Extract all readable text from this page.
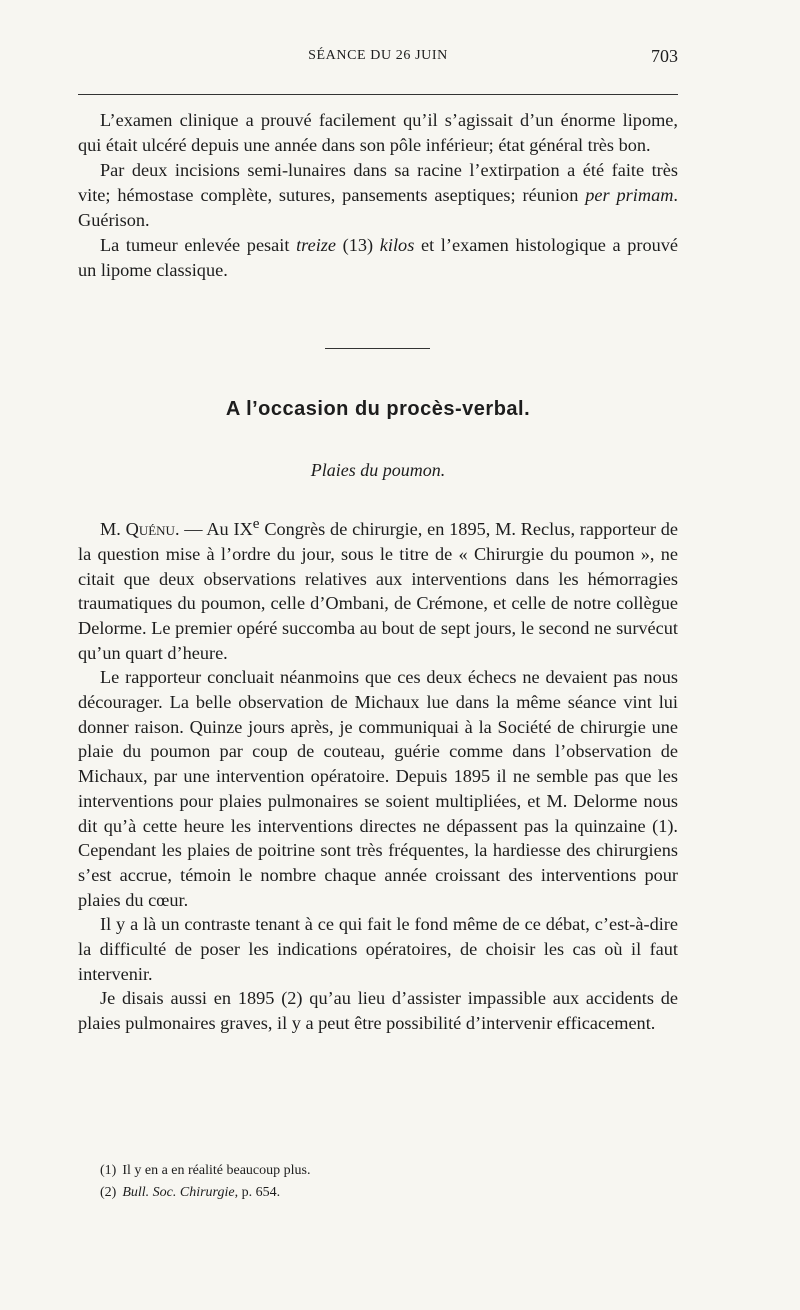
SÉANCE DU 26 JUIN	703

L’examen clinique a prouvé facilement qu’il s’agissait d’un énorme lipome, qui était ulcéré depuis une année dans son pôle inférieur; état général très bon.

Par deux incisions semi-lunaires dans sa racine l’extirpation a été faite très vite; hémostase complète, sutures, pansements aseptiques; réunion per primam. Guérison.

La tumeur enlevée pesait treize (13) kilos et l’examen histologique a prouvé un lipome classique.

A l’occasion du procès-verbal.
Plaies du poumon.

M. Quénu. — Au IXe Congrès de chirurgie, en 1895, M. Reclus, rapporteur de la question mise à l’ordre du jour, sous le titre de « Chirurgie du poumon », ne citait que deux observations relatives aux interventions dans les hémorragies traumatiques du poumon, celle d’Ombani, de Crémone, et celle de notre collègue Delorme. Le premier opéré succomba au bout de sept jours, le second ne survécut qu’un quart d’heure.

Le rapporteur concluait néanmoins que ces deux échecs ne devaient pas nous décourager. La belle observation de Michaux lue dans la même séance vint lui donner raison. Quinze jours après, je communiquai à la Société de chirurgie une plaie du poumon par coup de couteau, guérie comme dans l’observation de Michaux, par une intervention opératoire. Depuis 1895 il ne semble pas que les interventions pour plaies pulmonaires se soient multipliées, et M. Delorme nous dit qu’à cette heure les interventions directes ne dépassent pas la quinzaine (1). Cependant les plaies de poitrine sont très fréquentes, la hardiesse des chirurgiens s’est accrue, témoin le nombre chaque année croissant des interventions pour plaies du cœur.

Il y a là un contraste tenant à ce qui fait le fond même de ce débat, c’est-à-dire la difficulté de poser les indications opératoires, de choisir les cas où il faut intervenir.

Je disais aussi en 1895 (2) qu’au lieu d’assister impassible aux accidents de plaies pulmonaires graves, il y a peut être possibilité d’intervenir efficacement.

(1) Il y en a en réalité beaucoup plus.
(2) Bull. Soc. Chirurgie, p. 654.
